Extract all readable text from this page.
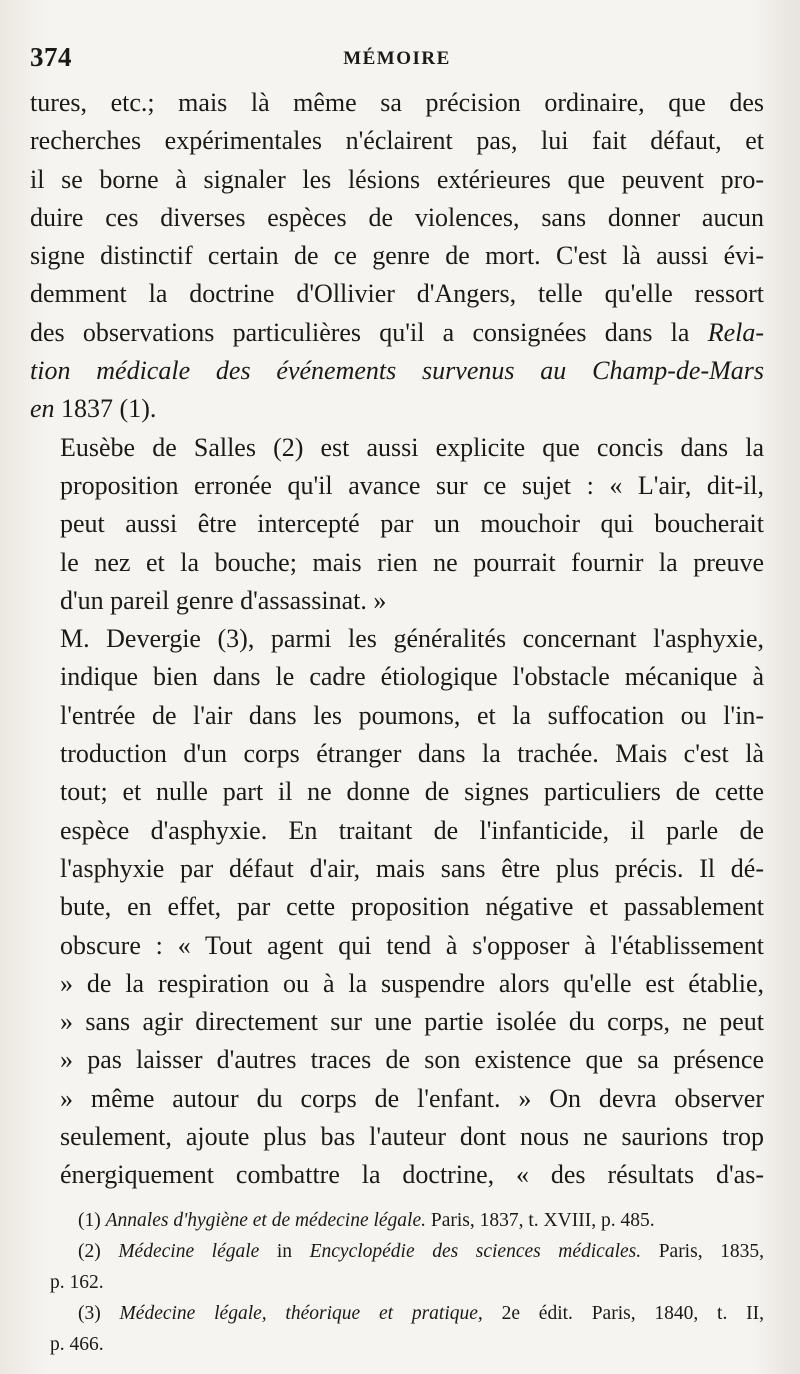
374	MÉMOIRE

tures, etc.; mais là même sa précision ordinaire, que des
recherches expérimentales n'éclairent pas, lui fait défaut, et
il se borne à signaler les lésions extérieures que peuvent pro-
duire ces diverses espèces de violences, sans donner aucun
signe distinctif certain de ce genre de mort. C'est là aussi évi-
demment la doctrine d'Ollivier d'Angers, telle qu'elle ressort
des observations particulières qu'il a consignées dans la Rela-
tion médicale des événements survenus au Champ-de-Mars
en 1837 (1).

Eusèbe de Salles (2) est aussi explicite que concis dans la
proposition erronée qu'il avance sur ce sujet : « L'air, dit-il,
peut aussi être intercepté par un mouchoir qui boucherait
le nez et la bouche; mais rien ne pourrait fournir la preuve
d'un pareil genre d'assassinat. »

M. Devergie (3), parmi les généralités concernant l'asphyxie,
indique bien dans le cadre étiologique l'obstacle mécanique à
l'entrée de l'air dans les poumons, et la suffocation ou l'in-
troduction d'un corps étranger dans la trachée. Mais c'est là
tout; et nulle part il ne donne de signes particuliers de cette
espèce d'asphyxie. En traitant de l'infanticide, il parle de
l'asphyxie par défaut d'air, mais sans être plus précis. Il dé-
bute, en effet, par cette proposition négative et passablement
obscure : « Tout agent qui tend à s'opposer à l'établissement
» de la respiration ou à la suspendre alors qu'elle est établie,
» sans agir directement sur une partie isolée du corps, ne peut
» pas laisser d'autres traces de son existence que sa présence
» même autour du corps de l'enfant. » On devra observer
seulement, ajoute plus bas l'auteur dont nous ne saurions trop
énergiquement combattre la doctrine, « des résultats d'as-

(1) Annales d'hygiène et de médecine légale. Paris, 1837, t. XVIII, p. 485.
(2) Médecine légale in Encyclopédie des sciences médicales. Paris, 1835,
p. 162.
(3) Médecine légale, théorique et pratique, 2e édit. Paris, 1840, t. II,
p. 466.
